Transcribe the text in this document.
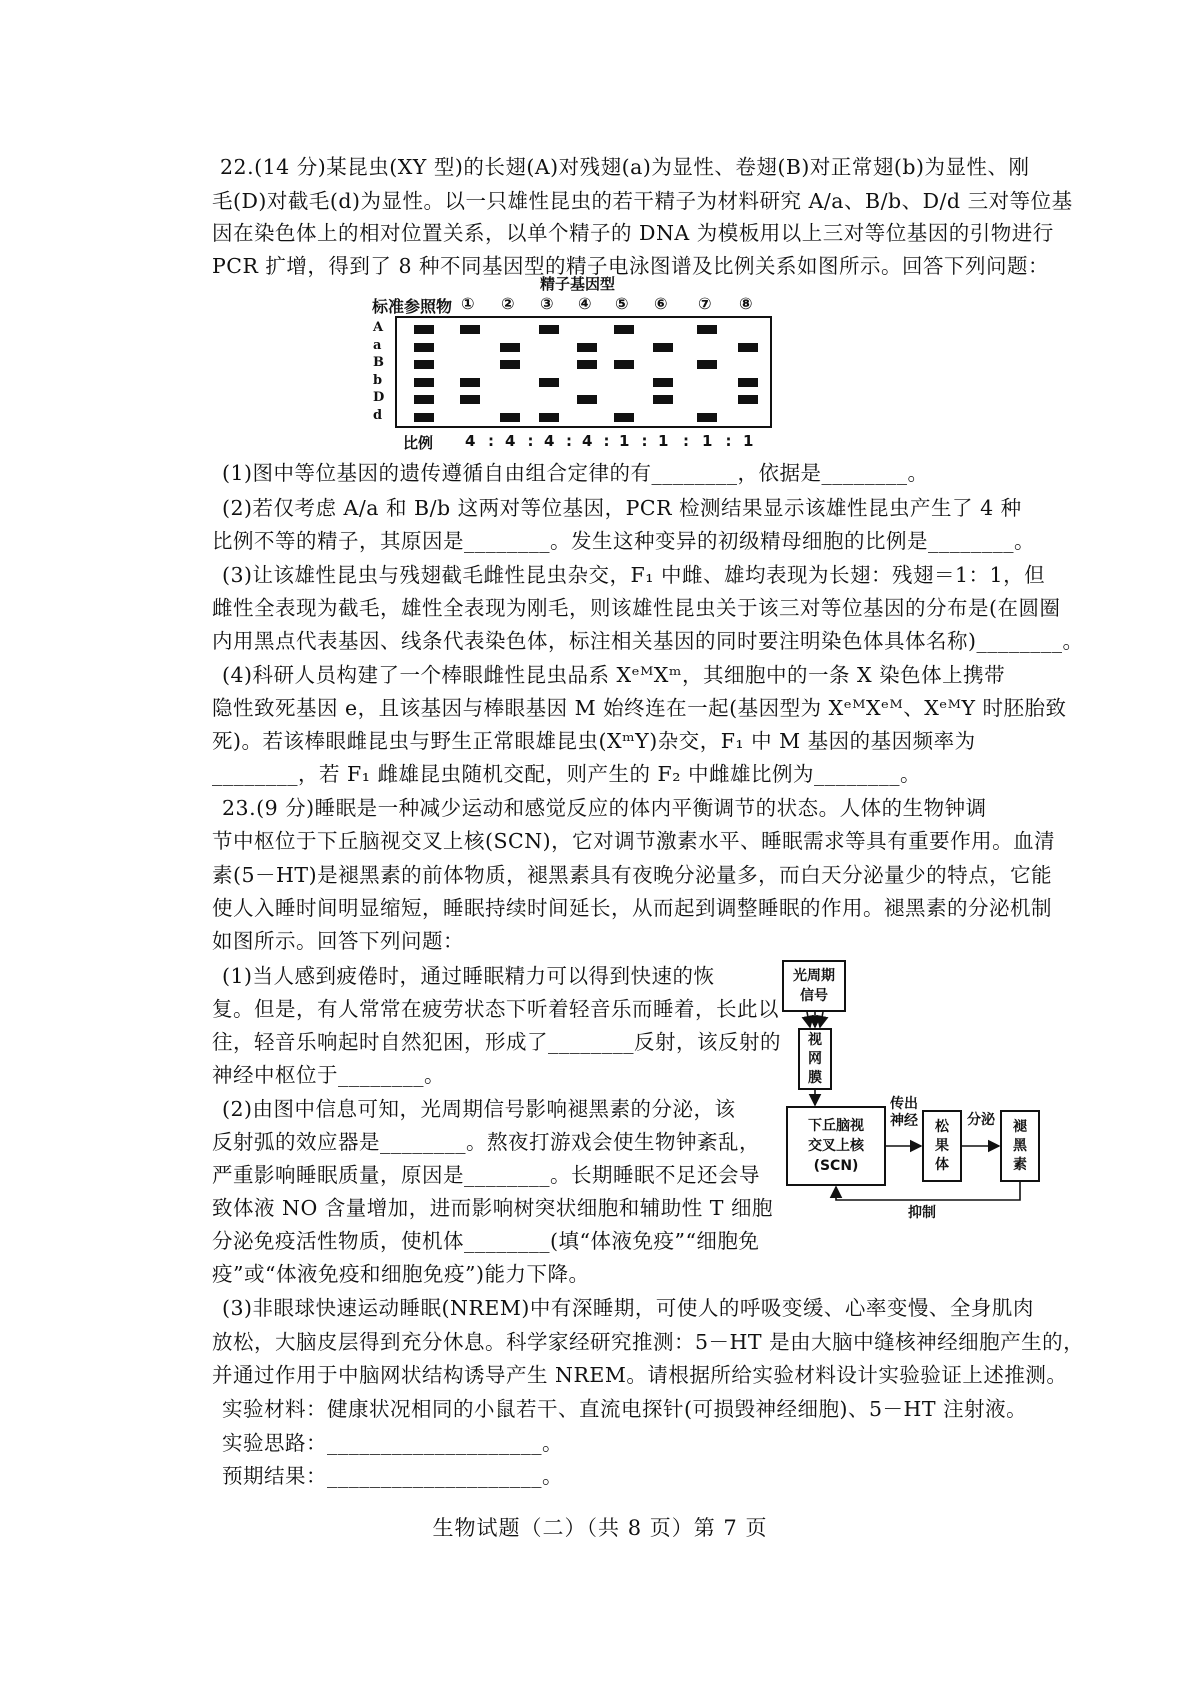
22.(14 分)某昆虫(XY 型)的长翅(A)对残翅(a)为显性、卷翅(B)对正常翅(b)为显性、刚
毛(D)对截毛(d)为显性。以一只雄性昆虫的若干精子为材料研究 A/a、B/b、D/d 三对等位基
因在染色体上的相对位置关系，以单个精子的 DNA 为模板用以上三对等位基因的引物进行
PCR 扩增，得到了 8 种不同基因型的精子电泳图谱及比例关系如图所示。回答下列问题：
精子基因型
标准参照物 ① ② ③ ④ ⑤ ⑥ ⑦ ⑧
A
a
B
b
D
d
比例 4 : 4 : 4 : 4 : 1 : 1 : 1 : 1
(1)图中等位基因的遗传遵循自由组合定律的有________，依据是________。
(2)若仅考虑 A/a 和 B/b 这两对等位基因，PCR 检测结果显示该雄性昆虫产生了 4 种
比例不等的精子，其原因是________。发生这种变异的初级精母细胞的比例是________。
(3)让该雄性昆虫与残翅截毛雌性昆虫杂交，F₁ 中雌、雄均表现为长翅：残翅＝1：1，但
雌性全表现为截毛，雄性全表现为刚毛，则该雄性昆虫关于该三对等位基因的分布是(在圆圈
内用黑点代表基因、线条代表染色体，标注相关基因的同时要注明染色体具体名称)________。
(4)科研人员构建了一个棒眼雌性昆虫品系 XᵉᴹXᵐ，其细胞中的一条 X 染色体上携带
隐性致死基因 e，且该基因与棒眼基因 M 始终连在一起(基因型为 XᵉᴹXᵉᴹ、XᵉᴹY 时胚胎致
死)。若该棒眼雌昆虫与野生正常眼雄昆虫(XᵐY)杂交，F₁ 中 M 基因的基因频率为
________，若 F₁ 雌雄昆虫随机交配，则产生的 F₂ 中雌雄比例为________。
23.(9 分)睡眠是一种减少运动和感觉反应的体内平衡调节的状态。人体的生物钟调
节中枢位于下丘脑视交叉上核(SCN)，它对调节激素水平、睡眠需求等具有重要作用。血清
素(5－HT)是褪黑素的前体物质，褪黑素具有夜晚分泌量多，而白天分泌量少的特点，它能
使人入睡时间明显缩短，睡眠持续时间延长，从而起到调整睡眠的作用。褪黑素的分泌机制
如图所示。回答下列问题：
(1)当人感到疲倦时，通过睡眠精力可以得到快速的恢
复。但是，有人常常在疲劳状态下听着轻音乐而睡着，长此以
往，轻音乐响起时自然犯困，形成了________反射，该反射的
神经中枢位于________。
(2)由图中信息可知，光周期信号影响褪黑素的分泌，该
反射弧的效应器是________。熬夜打游戏会使生物钟紊乱，
严重影响睡眠质量，原因是________。长期睡眠不足还会导
致体液 NO 含量增加，进而影响树突状细胞和辅助性 T 细胞
分泌免疫活性物质，使机体________(填“体液免疫”“细胞免
疫”或“体液免疫和细胞免疫”)能力下降。
光周期
信号
视
网
膜
下丘脑视
交叉上核
(SCN)
松
果
体
褪
黑
素
传出
神经	分泌
抑制
(3)非眼球快速运动睡眠(NREM)中有深睡期，可使人的呼吸变缓、心率变慢、全身肌肉
放松，大脑皮层得到充分休息。科学家经研究推测：5－HT 是由大脑中缝核神经细胞产生的，
并通过作用于中脑网状结构诱导产生 NREM。请根据所给实验材料设计实验验证上述推测。
实验材料：健康状况相同的小鼠若干、直流电探针(可损毁神经细胞)、5－HT 注射液。
实验思路：____________________。
预期结果：____________________。
生物试题（二）（共 8 页）第 7 页
